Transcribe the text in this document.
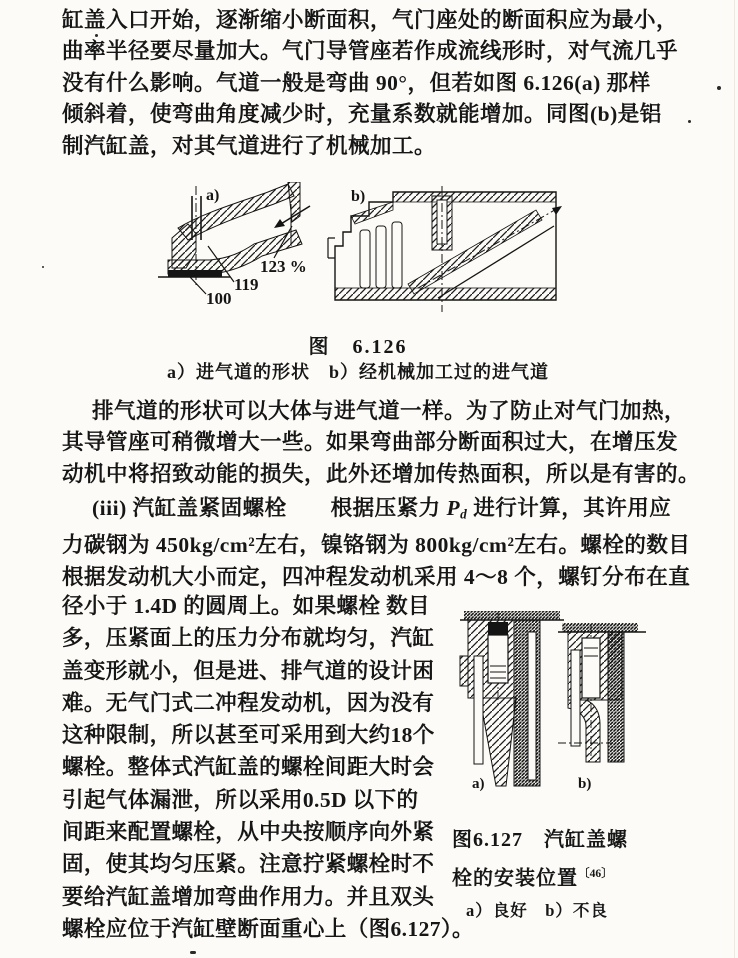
缸盖入口开始，逐渐缩小断面积，气门座处的断面积应为最小，
曲率半径要尽量加大。气门导管座若作成流线形时，对气流几乎
没有什么影响。气道一般是弯曲 90°，但若如图 6.126(a) 那样
倾斜着，使弯曲角度减少时，充量系数就能增加。同图(b)是铝
制汽缸盖，对其气道进行了机械加工。
a)
100
119
123 %
b)
图　6.126
a）进气道的形状　b）经机械加工过的进气道
排气道的形状可以大体与进气道一样。为了防止对气门加热，
其导管座可稍微增大一些。如果弯曲部分断面积过大，在增压发
动机中将招致动能的损失，此外还增加传热面积，所以是有害的。
(iii) 汽缸盖紧固螺栓　　根据压紧力 $P_d$ 进行计算，其许用应
力碳钢为 450kg/cm²左右，镍铬钢为 800kg/cm²左右。螺栓的数目
根据发动机大小而定，四冲程发动机采用 4～8 个，螺钉分布在直
径小于 1.4D 的圆周上。如果螺栓 数目
多，压紧面上的压力分布就均匀，汽缸
盖变形就小，但是进、排气道的设计困
难。无气门式二冲程发动机，因为没有
这种限制，所以甚至可采用到大约18个
螺栓。整体式汽缸盖的螺栓间距大时会
引起气体漏泄，所以采用0.5D 以下的
间距来配置螺栓，从中央按顺序向外紧
固，使其均匀压紧。注意拧紧螺栓时不
要给汽缸盖增加弯曲作用力。并且双头
螺栓应位于汽缸壁断面重心上（图6.127）。
a)	b)
图6.127　汽缸盖螺
栓的安装位置$^{〔46〕}$
a）良好　b）不良
